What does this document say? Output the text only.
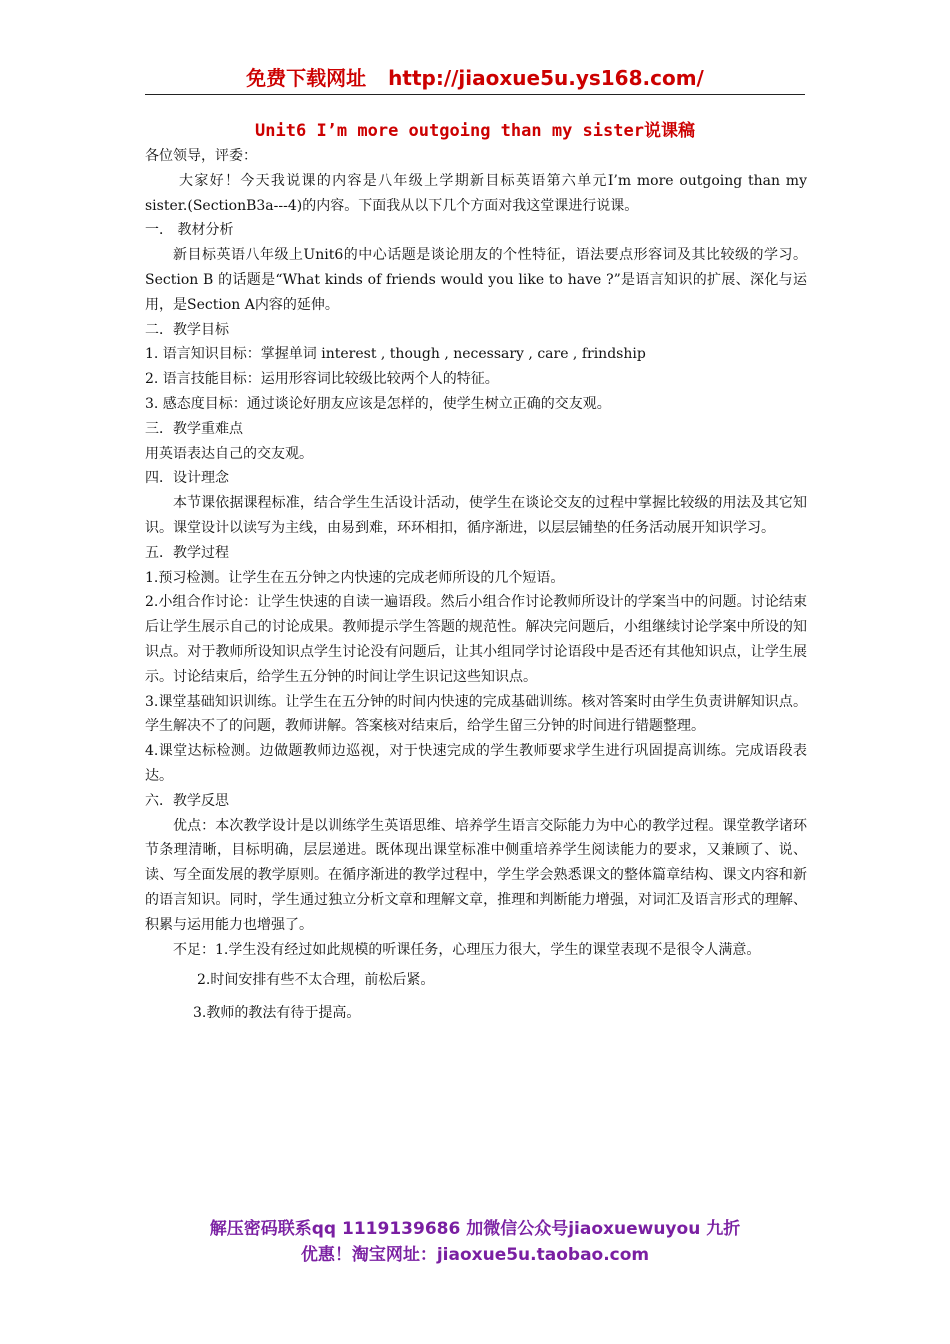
免费下载网址 http://jiaoxue5u.ys168.com/
Unit6 I’m more outgoing than my sister说课稿

各位领导，评委：

大家好！今天我说课的内容是八年级上学期新目标英语第六单元I’m more outgoing than my sister.(SectionB3a---4)的内容。下面我从以下几个方面对我这堂课进行说课。

一． 教材分析

新目标英语八年级上Unit6的中心话题是谈论朋友的个性特征，语法要点形容词及其比较级的学习。Section B 的话题是“What kinds of friends would you like to have ?”是语言知识的扩展、深化与运用，是Section A内容的延伸。

二．教学目标

1. 语言知识目标：掌握单词 interest , though , necessary , care , frindship

2. 语言技能目标：运用形容词比较级比较两个人的特征。

3. 感态度目标：通过谈论好朋友应该是怎样的，使学生树立正确的交友观。

三．教学重难点

用英语表达自己的交友观。

四．设计理念

本节课依据课程标准，结合学生生活设计活动，使学生在谈论交友的过程中掌握比较级的用法及其它知识。课堂设计以读写为主线，由易到难，环环相扣，循序渐进，以层层铺垫的任务活动展开知识学习。

五．教学过程

1.预习检测。让学生在五分钟之内快速的完成老师所设的几个短语。

2.小组合作讨论：让学生快速的自读一遍语段。然后小组合作讨论教师所设计的学案当中的问题。讨论结束后让学生展示自己的讨论成果。教师提示学生答题的规范性。解决完问题后，小组继续讨论学案中所设的知识点。对于教师所设知识点学生讨论没有问题后，让其小组同学讨论语段中是否还有其他知识点，让学生展示。讨论结束后，给学生五分钟的时间让学生识记这些知识点。

3.课堂基础知识训练。让学生在五分钟的时间内快速的完成基础训练。核对答案时由学生负责讲解知识点。学生解决不了的问题，教师讲解。答案核对结束后，给学生留三分钟的时间进行错题整理。

4.课堂达标检测。边做题教师边巡视，对于快速完成的学生教师要求学生进行巩固提高训练。完成语段表达。

六．教学反思

优点：本次教学设计是以训练学生英语思维、培养学生语言交际能力为中心的教学过程。课堂教学诸环节条理清晰，目标明确，层层递进。既体现出课堂标准中侧重培养学生阅读能力的要求，又兼顾了、说、读、写全面发展的教学原则。在循序渐进的教学过程中，学生学会熟悉课文的整体篇章结构、课文内容和新的语言知识。同时，学生通过独立分析文章和理解文章，推理和判断能力增强，对词汇及语言形式的理解、积累与运用能力也增强了。

不足：1.学生没有经过如此规模的听课任务，心理压力很大，学生的课堂表现不是很令人满意。

2.时间安排有些不太合理，前松后紧。

3.教师的教法有待于提高。

解压密码联系qq 1119139686 加微信公众号jiaoxuewuyou 九折
优惠！淘宝网址：jiaoxue5u.taobao.com
